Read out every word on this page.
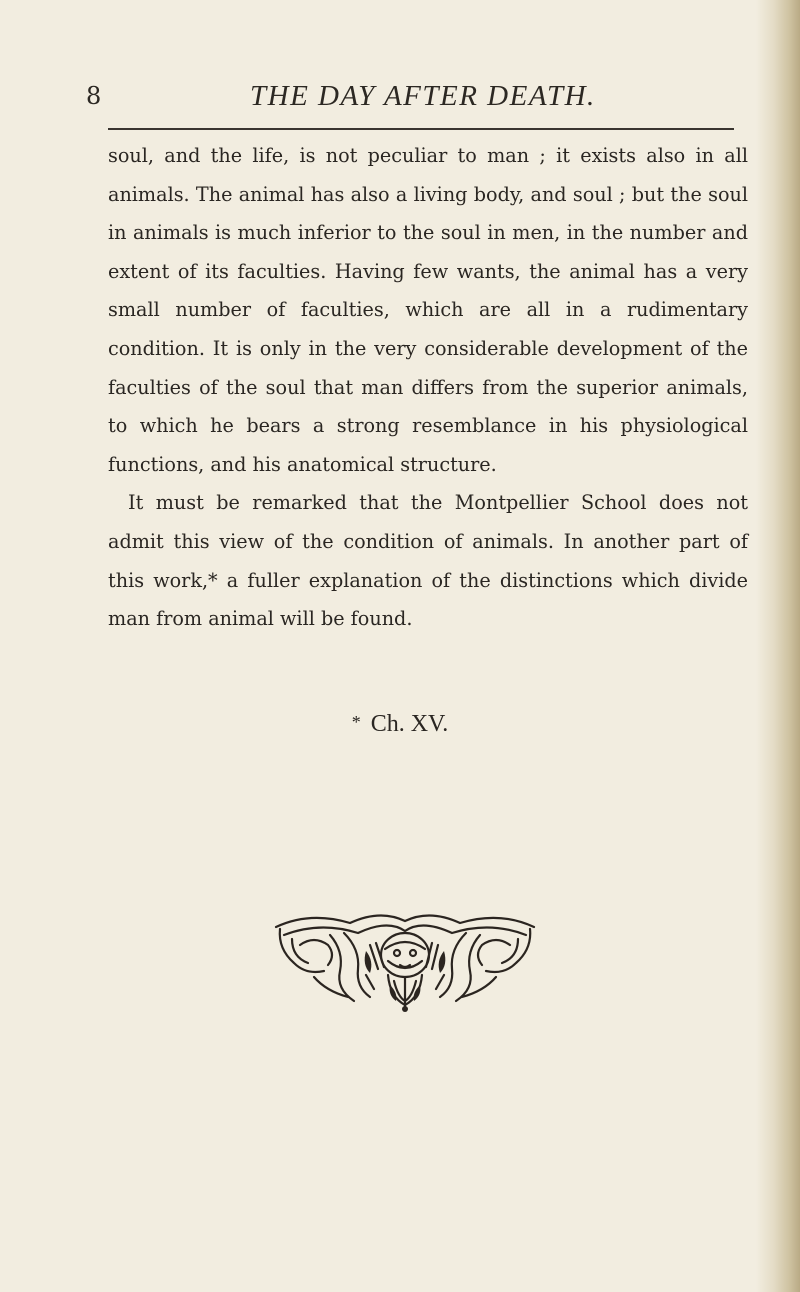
8	THE DAY AFTER DEATH.

soul, and the life, is not peculiar to man ; it exists also in all animals. The animal has also a living body, and soul ; but the soul in animals is much inferior to the soul in men, in the number and extent of its faculties. Having few wants, the animal has a very small number of faculties, which are all in a rudimentary condition. It is only in the very considerable development of the faculties of the soul that man differs from the superior animals, to which he bears a strong resemblance in his physiological functions, and his anatomical structure.

It must be remarked that the Montpellier School does not admit this view of the condition of animals. In another part of this work,* a fuller explanation of the distinctions which divide man from animal will be found.

* Ch. XV.
